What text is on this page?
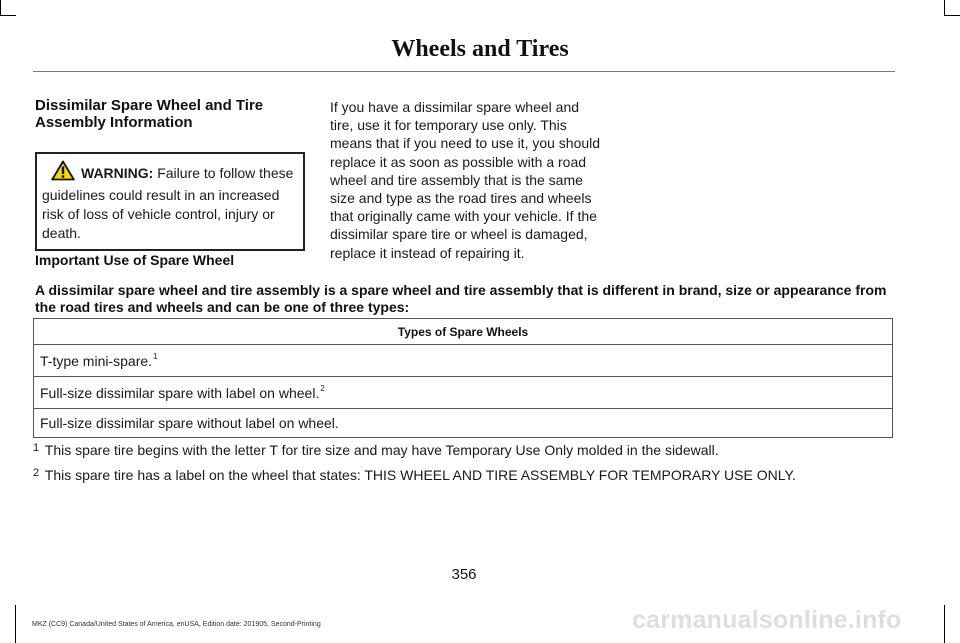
Wheels and Tires
Dissimilar Spare Wheel and Tire Assembly Information
WARNING: Failure to follow these guidelines could result in an increased risk of loss of vehicle control, injury or death.
If you have a dissimilar spare wheel and tire, use it for temporary use only. This means that if you need to use it, you should replace it as soon as possible with a road wheel and tire assembly that is the same size and type as the road tires and wheels that originally came with your vehicle. If the dissimilar spare tire or wheel is damaged, replace it instead of repairing it.
Important Use of Spare Wheel
A dissimilar spare wheel and tire assembly is a spare wheel and tire assembly that is different in brand, size or appearance from the road tires and wheels and can be one of three types:
Types of Spare Wheels
T-type mini-spare.$^1$
Full-size dissimilar spare with label on wheel.$^2$
Full-size dissimilar spare without label on wheel.
$^1$ This spare tire begins with the letter T for tire size and may have Temporary Use Only molded in the sidewall.
$^2$ This spare tire has a label on the wheel that states: THIS WHEEL AND TIRE ASSEMBLY FOR TEMPORARY USE ONLY.
356
MKZ (CC9) Canada/United States of America, enUSA, Edition date: 201905, Second-Printing	carmanualsonline.info
